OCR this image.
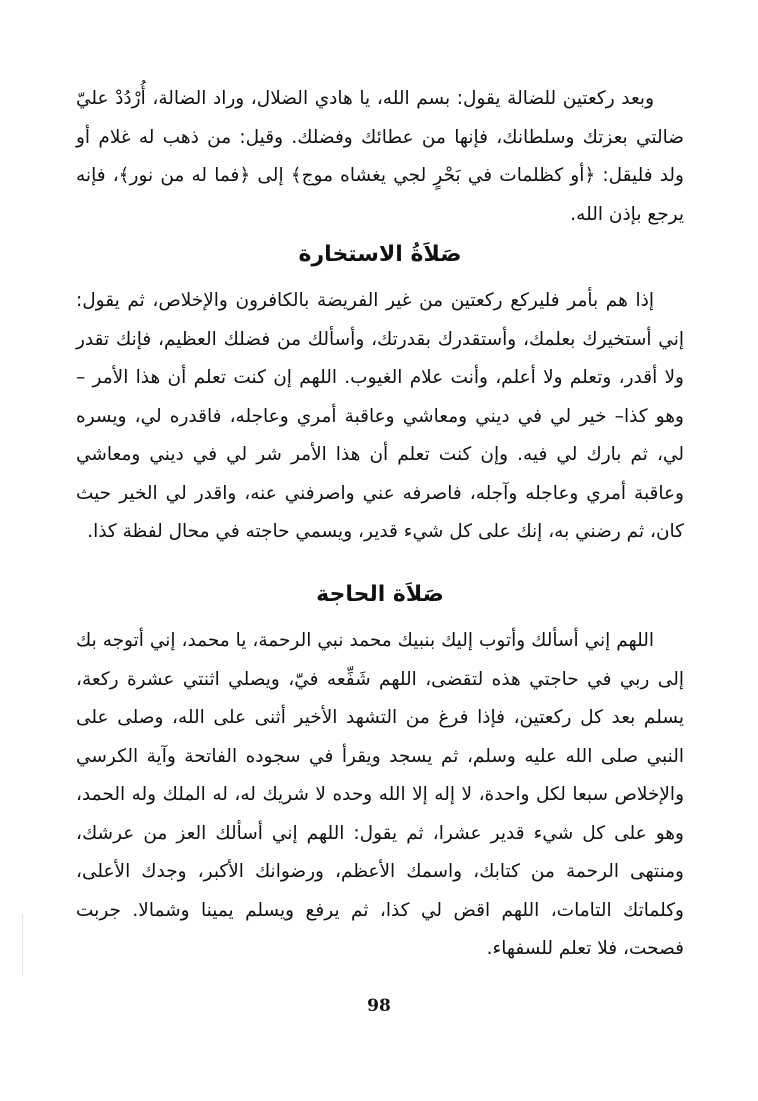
وبعد ركعتين للضالة يقول: بسم الله، يا هادي الضلال، وراد الضالة، أُرْدُدْ عليّ ضالتي بعزتك وسلطانك، فإنها من عطائك وفضلك. وقيل: من ذهب له غلام أو ولد فليقل: ﴿أو كظلمات في بَحْرٍ لجي يغشاه موج﴾ إلى ﴿فما له من نور﴾، فإنه يرجع بإذن الله.

صَلاَةُ الاستخارة

إذا هم بأمر فليركع ركعتين من غير الفريضة بالكافرون والإخلاص، ثم يقول: إني أستخيرك بعلمك، وأستقدرك بقدرتك، وأسألك من فضلك العظيم، فإنك تقدر ولا أقدر، وتعلم ولا أعلم، وأنت علام الغيوب. اللهم إن كنت تعلم أن هذا الأمر –وهو كذا– خير لي في ديني ومعاشي وعاقبة أمري وعاجله، فاقدره لي، ويسره لي، ثم بارك لي فيه. وإن كنت تعلم أن هذا الأمر شر لي في ديني ومعاشي وعاقبة أمري وعاجله وآجله، فاصرفه عني واصرفني عنه، واقدر لي الخير حيث كان، ثم رضني به، إنك على كل شيء قدير، ويسمي حاجته في محال لفظة كذا.

صَلاَة الحاجة

اللهم إني أسألك وأتوب إليك بنبيك محمد نبي الرحمة، يا محمد، إني أتوجه بك إلى ربي في حاجتي هذه لتقضى، اللهم شَفِّعه فيّ، ويصلي اثنتي عشرة ركعة، يسلم بعد كل ركعتين، فإذا فرغ من التشهد الأخير أثنى على الله، وصلى على النبي صلى الله عليه وسلم، ثم يسجد ويقرأ في سجوده الفاتحة وآية الكرسي والإخلاص سبعا لكل واحدة، لا إله إلا الله وحده لا شريك له، له الملك وله الحمد، وهو على كل شيء قدير عشرا، ثم يقول: اللهم إني أسألك العز من عرشك، ومنتهى الرحمة من كتابك، واسمك الأعظم، ورضوانك الأكبر، وجدك الأعلى، وكلماتك التامات، اللهم اقض لي كذا، ثم يرفع ويسلم يمينا وشمالا. جربت فصحت، فلا تعلم للسفهاء.

98
